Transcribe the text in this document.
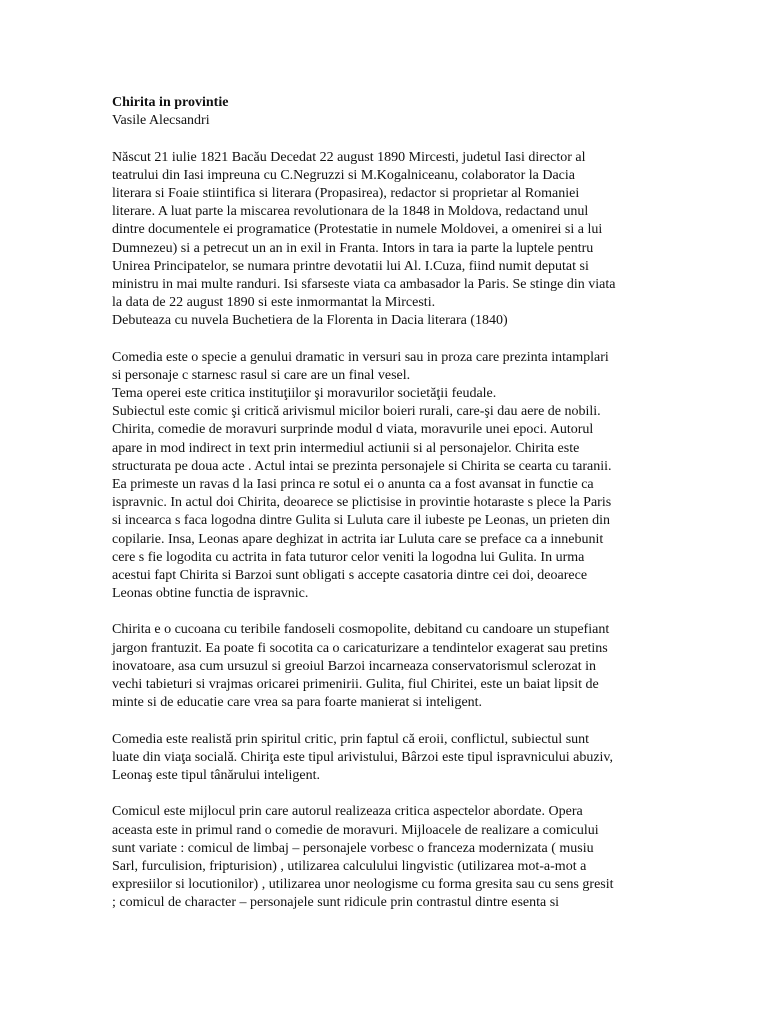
Chirita in provintie
Vasile Alecsandri
Născut 21 iulie 1821 Bacău Decedat 22 august 1890 Mircesti, judetul Iasi director al
teatrului din Iasi impreuna cu C.Negruzzi si M.Kogalniceanu, colaborator la Dacia
literara si Foaie stiintifica si literara (Propasirea), redactor si proprietar al Romaniei
literare. A luat parte la miscarea revolutionara de la 1848 in Moldova, redactand unul
dintre documentele ei programatice (Protestatie in numele Moldovei, a omenirei si a lui
Dumnezeu) si a petrecut un an in exil in Franta. Intors in tara ia parte la luptele pentru
Unirea Principatelor, se numara printre devotatii lui Al. I.Cuza, fiind numit deputat si
ministru in mai multe randuri. Isi sfarseste viata ca ambasador la Paris. Se stinge din viata
la data de 22 august 1890 si este inmormantat la Mircesti.
Debuteaza cu nuvela Buchetiera de la Florenta in Dacia literara (1840)
Comedia este o specie a genului dramatic in versuri sau in proza care prezinta intamplari
si personaje c starnesc rasul si care are un final vesel.
Tema operei este critica instituţiilor şi moravurilor societăţii feudale.
Subiectul este comic şi critică arivismul micilor boieri rurali, care-şi dau aere de nobili.
Chirita, comedie de moravuri surprinde modul d viata, moravurile unei epoci. Autorul
apare in mod indirect in text prin intermediul actiunii si al personajelor. Chirita este
structurata pe doua acte . Actul intai se prezinta personajele si Chirita se cearta cu taranii.
Ea primeste un ravas d la Iasi princa re sotul ei o anunta ca a fost avansat in functie ca
ispravnic. In actul doi Chirita, deoarece se plictisise in provintie hotaraste s plece la Paris
si incearca s faca logodna dintre Gulita si Luluta care il iubeste pe Leonas, un prieten din
copilarie. Insa, Leonas apare deghizat in actrita iar Luluta care se preface ca a innebunit
cere s fie logodita cu actrita in fata tuturor celor veniti la logodna lui Gulita. In urma
acestui fapt Chirita si Barzoi sunt obligati s accepte casatoria dintre cei doi, deoarece
Leonas obtine functia de ispravnic.
Chirita e o cucoana cu teribile fandoseli cosmopolite, debitand cu candoare un stupefiant
jargon frantuzit. Ea poate fi socotita ca o caricaturizare a tendintelor exagerat sau pretins
inovatoare, asa cum ursuzul si greoiul Barzoi incarneaza conservatorismul sclerozat in
vechi tabieturi si vrajmas oricarei primenirii. Gulita, fiul Chiritei, este un baiat lipsit de
minte si de educatie care vrea sa para foarte manierat si inteligent.
Comedia este realistă prin spiritul critic, prin faptul că eroii, conflictul, subiectul sunt
luate din viaţa socială. Chiriţa este tipul arivistului, Bârzoi este tipul ispravnicului abuziv,
Leonaş este tipul tânărului inteligent.
Comicul este mijlocul prin care autorul realizeaza critica aspectelor abordate. Opera
aceasta este in primul rand o comedie de moravuri. Mijloacele de realizare a comicului
sunt variate : comicul de limbaj – personajele vorbesc o franceza modernizata ( musiu
Sarl, furculision, fripturision) , utilizarea calculului lingvistic (utilizarea mot-a-mot a
expresiilor si locutionilor) , utilizarea unor neologisme cu forma gresita sau cu sens gresit
; comicul de character – personajele sunt ridicule prin contrastul dintre esenta si
